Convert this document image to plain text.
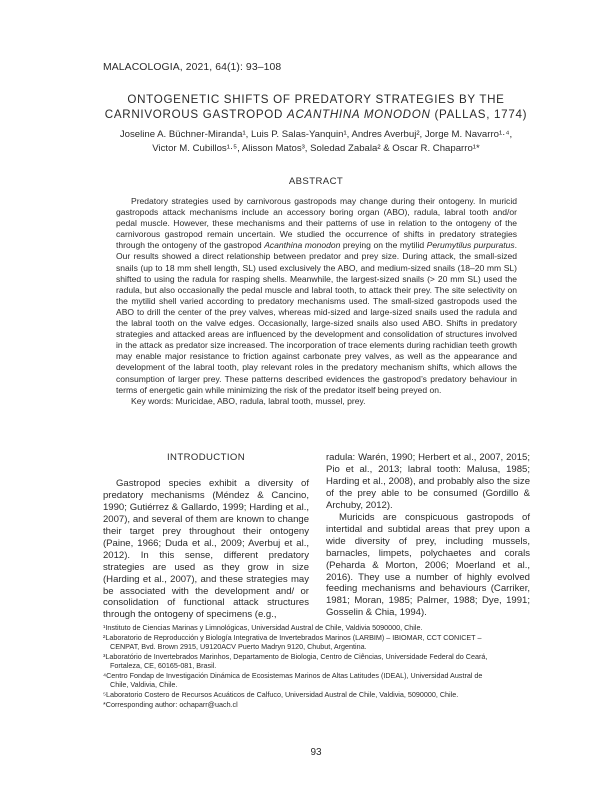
MALACOLOGIA, 2021, 64(1): 93–108
ONTOGENETIC SHIFTS OF PREDATORY STRATEGIES BY THE
CARNIVOROUS GASTROPOD ACANTHINA MONODON (PALLAS, 1774)
Joseline A. Büchner-Miranda¹, Luis P. Salas-Yanquin¹, Andres Averbuj², Jorge M. Navarro¹·⁴,
Victor M. Cubillos¹·⁵, Alisson Matos³, Soledad Zabala² & Oscar R. Chaparro¹*
ABSTRACT

Predatory strategies used by carnivorous gastropods may change during their ontogeny. In muricid gastropods attack mechanisms include an accessory boring organ (ABO), radula, labral tooth and/or pedal muscle. However, these mechanisms and their patterns of use in relation to the ontogeny of the carnivorous gastropod remain uncertain. We studied the occurrence of shifts in predatory strategies through the ontogeny of the gastropod Acanthina monodon preying on the mytilid Perumytilus purpuratus. Our results showed a direct relationship between predator and prey size. During attack, the small-sized snails (up to 18 mm shell length, SL) used exclusively the ABO, and medium-sized snails (18–20 mm SL) shifted to using the radula for rasping shells. Meanwhile, the largest-sized snails (> 20 mm SL) used the radula, but also occasionally the pedal muscle and labral tooth, to attack their prey. The site selectivity on the mytilid shell varied according to predatory mechanisms used. The small-sized gastropods used the ABO to drill the center of the prey valves, whereas mid-sized and large-sized snails used the radula and the labral tooth on the valve edges. Occasionally, large-sized snails also used ABO. Shifts in predatory strategies and attacked areas are influenced by the development and consolidation of structures involved in the attack as predator size increased. The incorporation of trace elements during rachidian teeth growth may enable major resistance to friction against carbonate prey valves, as well as the appearance and development of the labral tooth, play relevant roles in the predatory mechanism shifts, which allows the consumption of larger prey. These patterns described evidences the gastropod’s predatory behaviour in terms of energetic gain while minimizing the risk of the predator itself being preyed on.

Key words: Muricidae, ABO, radula, labral tooth, mussel, prey.

INTRODUCTION

Gastropod species exhibit a diversity of predatory mechanisms (Méndez & Cancino, 1990; Gutiérrez & Gallardo, 1999; Harding et al., 2007), and several of them are known to change their target prey throughout their ontogeny (Paine, 1966; Duda et al., 2009; Averbuj et al., 2012). In this sense, different predatory strategies are used as they grow in size (Harding et al., 2007), and these strategies may be associated with the development and/ or consolidation of functional attack structures through the ontogeny of specimens (e.g.,

radula: Warén, 1990; Herbert et al., 2007, 2015; Pio et al., 2013; labral tooth: Malusa, 1985; Harding et al., 2008), and probably also the size of the prey able to be consumed (Gordillo & Archuby, 2012).

Muricids are conspicuous gastropods of intertidal and subtidal areas that prey upon a wide diversity of prey, including mussels, barnacles, limpets, polychaetes and corals (Peharda & Morton, 2006; Moerland et al., 2016). They use a number of highly evolved feeding mechanisms and behaviours (Carriker, 1981; Moran, 1985; Palmer, 1988; Dye, 1991; Gosselin & Chia, 1994).

¹Instituto de Ciencias Marinas y Limnológicas, Universidad Austral de Chile, Valdivia 5090000, Chile.
²Laboratorio de Reproducción y Biología Integrativa de Invertebrados Marinos (LARBIM) – IBIOMAR, CCT CONICET –
CENPAT, Bvd. Brown 2915, U9120ACV Puerto Madryn 9120, Chubut, Argentina.
³Laboratório de Invertebrados Marinhos, Departamento de Biologia, Centro de Ciências, Universidade Federal do Ceará,
Fortaleza, CE, 60165-081, Brasil.
⁴Centro Fondap de Investigación Dinámica de Ecosistemas Marinos de Altas Latitudes (IDEAL), Universidad Austral de
Chile, Valdivia, Chile.
⁵Laboratorio Costero de Recursos Acuáticos de Calfuco, Universidad Austral de Chile, Valdivia, 5090000, Chile.
*Corresponding author: ochaparr@uach.cl
93
